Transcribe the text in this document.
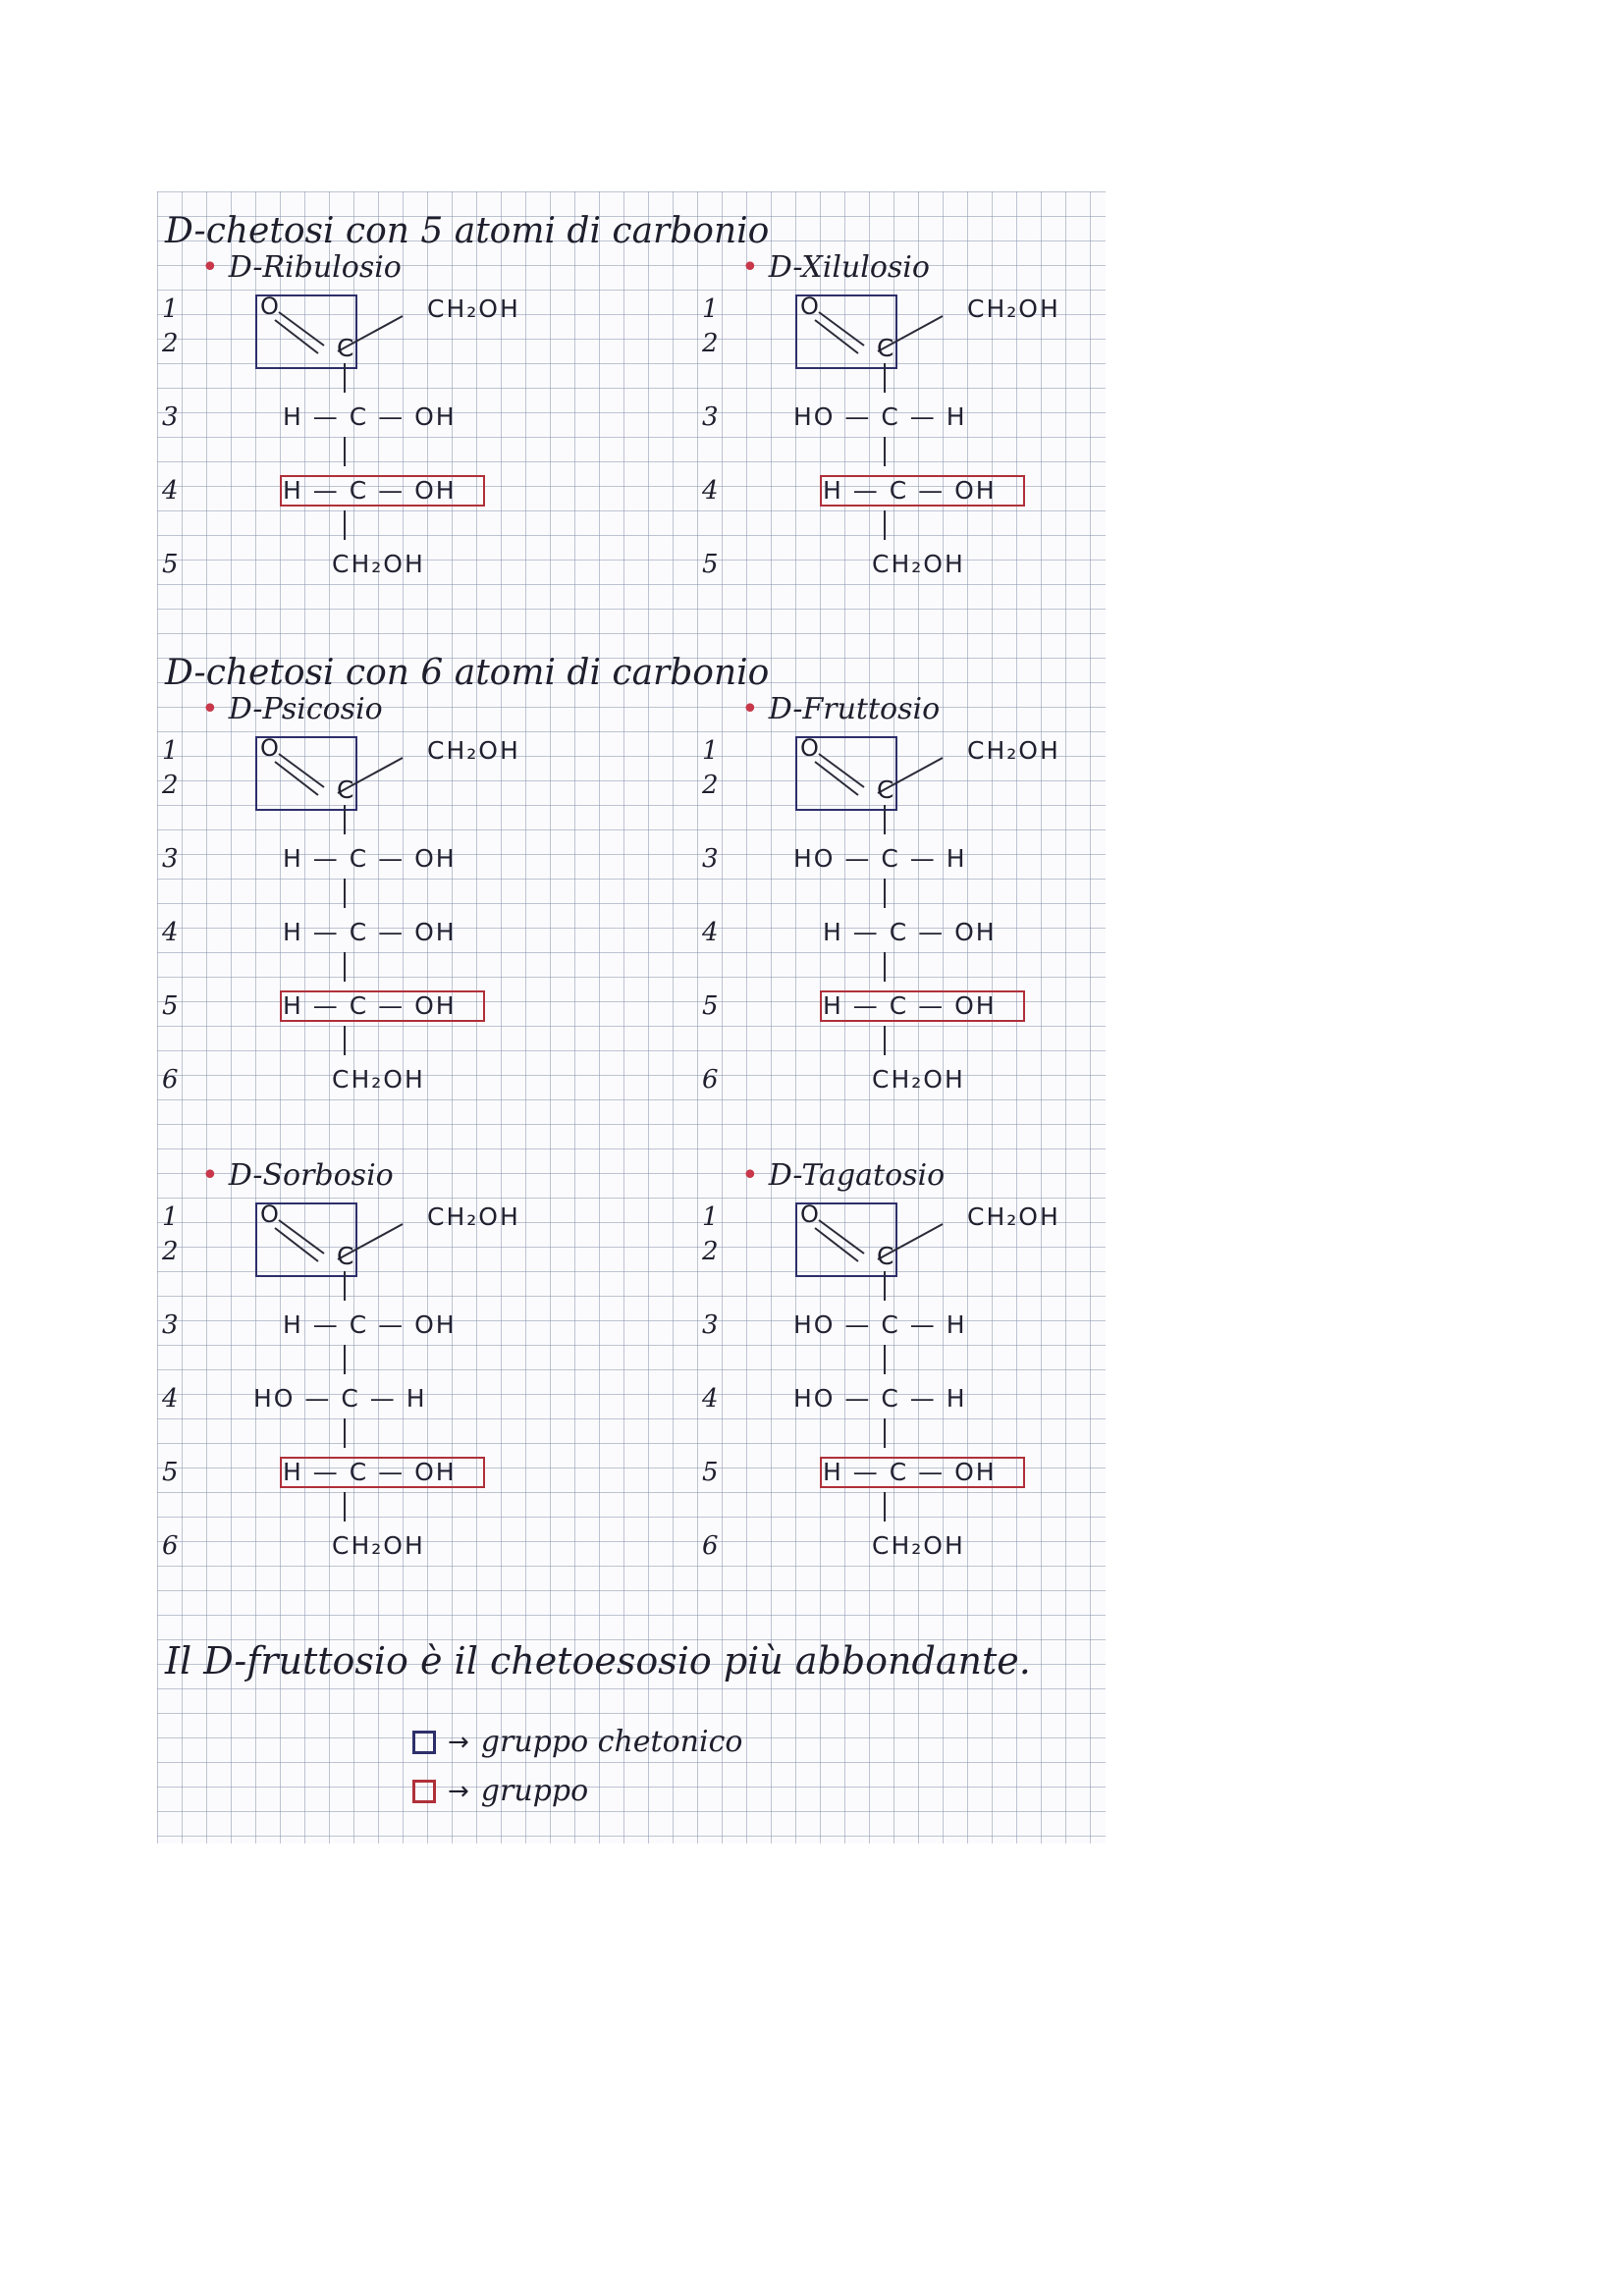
D-chetosi con 5 atomi di carbonio
D-chetosi con 6 atomi di carbonio
• D-Ribulosio
1
2
O
C
CH₂OH
3	H — C — OH
4	H — C — OH
5	CH₂OH
• D-Xilulosio
1
2
O
C
CH₂OH
3	HO — C — H
4	H — C — OH
5	CH₂OH
• D-Psicosio
1
2
O
C
CH₂OH
3	H — C — OH
4	H — C — OH
5	H — C — OH
6	CH₂OH
• D-Fruttosio
1
2
O
C
CH₂OH
3	HO — C — H
4	H — C — OH
5	H — C — OH
6	CH₂OH
• D-Sorbosio
1
2
O
C
CH₂OH
3	H — C — OH
4	HO — C — H
5	H — C — OH
6	CH₂OH
• D-Tagatosio
1
2
O
C
CH₂OH
3	HO — C — H
4	HO — C — H
5	H — C — OH
6	CH₂OH
Il D-fruttosio è il chetoesosio più abbondante.
→ gruppo chetonico
→ gruppo
